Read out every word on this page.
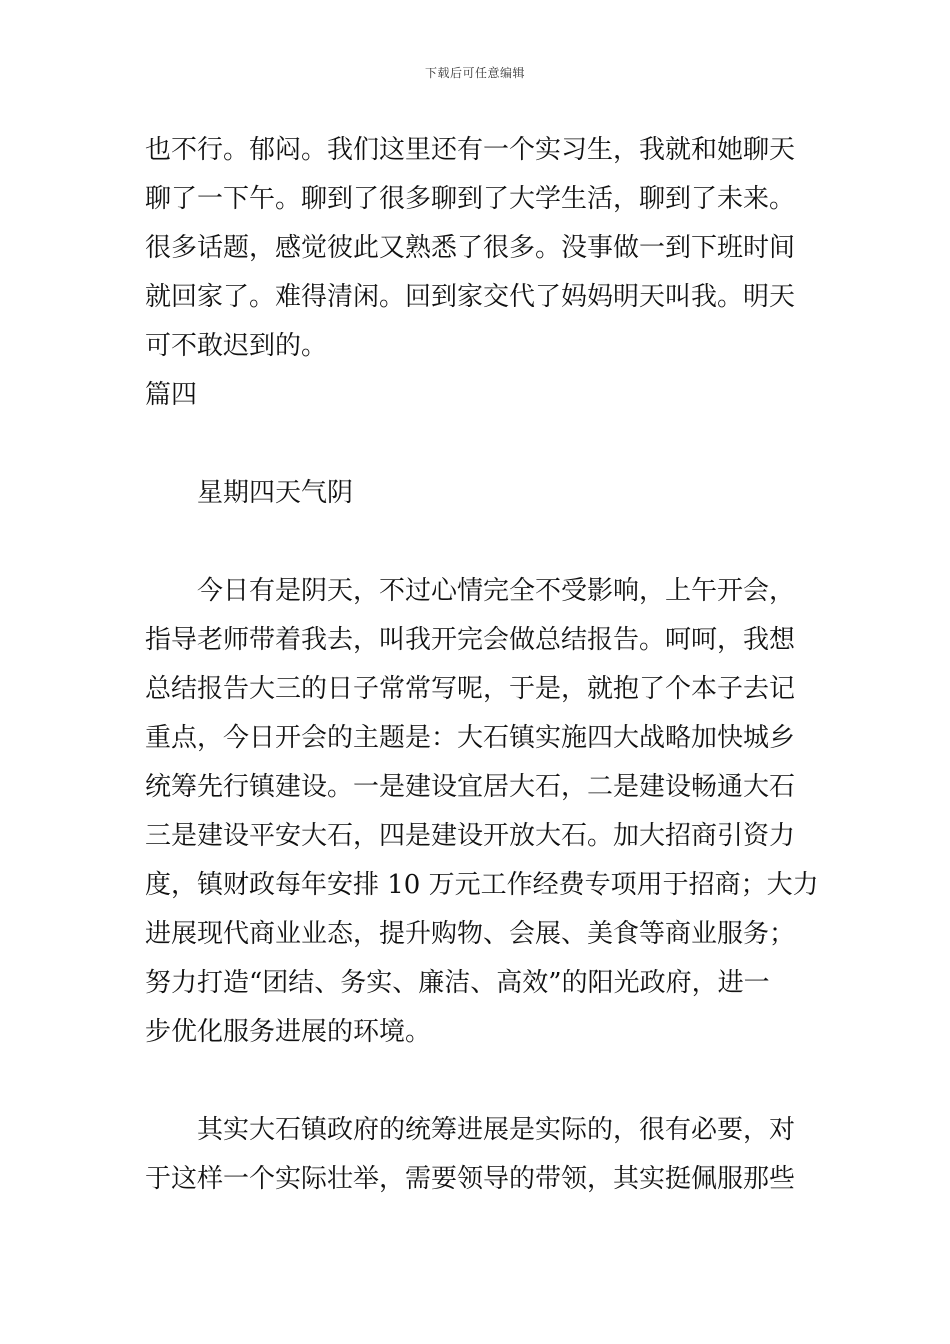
下载后可任意编辑
也不行。郁闷。我们这里还有一个实习生，我就和她聊天
聊了一下午。聊到了很多聊到了大学生活，聊到了未来。
很多话题，感觉彼此又熟悉了很多。没事做一到下班时间
就回家了。难得清闲。回到家交代了妈妈明天叫我。明天
可不敢迟到的。
篇四
星期四天气阴
今日有是阴天，不过心情完全不受影响，上午开会，
指导老师带着我去，叫我开完会做总结报告。呵呵，我想
总结报告大三的日子常常写呢，于是，就抱了个本子去记
重点，今日开会的主题是：大石镇实施四大战略加快城乡
统筹先行镇建设。一是建设宜居大石，二是建设畅通大石
三是建设平安大石，四是建设开放大石。加大招商引资力
度，镇财政每年安排 10 万元工作经费专项用于招商；大力
进展现代商业业态，提升购物、会展、美食等商业服务；
努力打造“团结、务实、廉洁、高效”的阳光政府，进一
步优化服务进展的环境。
其实大石镇政府的统筹进展是实际的，很有必要，对
于这样一个实际壮举，需要领导的带领，其实挺佩服那些
